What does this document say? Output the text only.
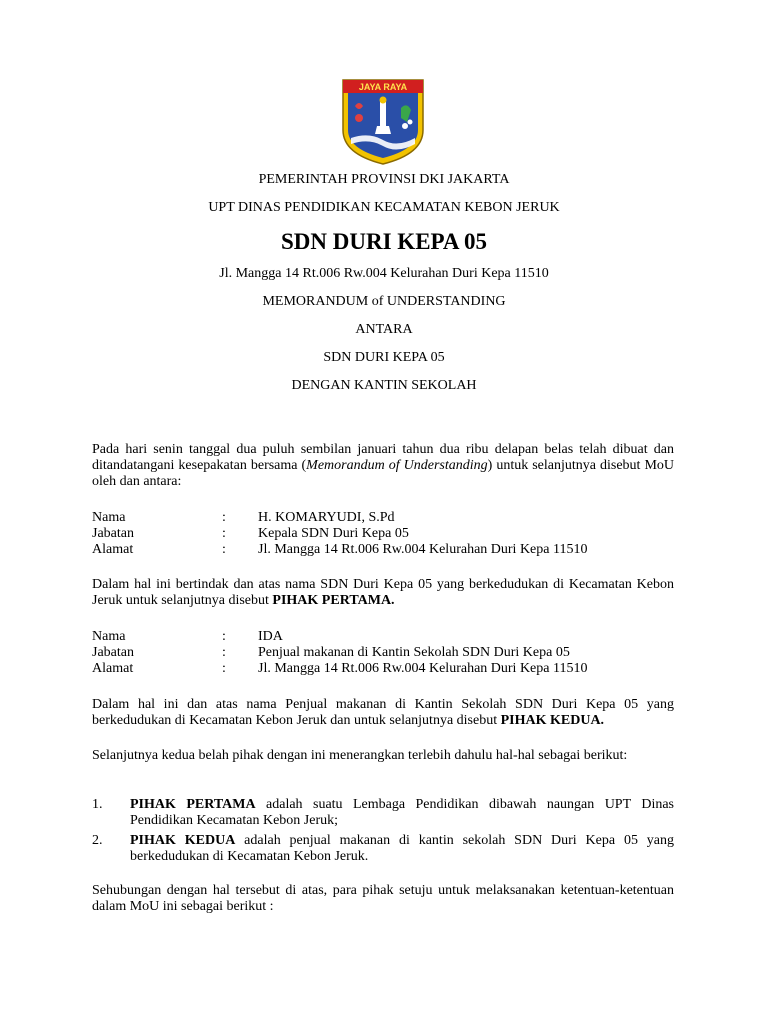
JAYA RAYA
PEMERINTAH PROVINSI DKI JAKARTA
UPT DINAS PENDIDIKAN KECAMATAN KEBON JERUK
SDN DURI KEPA 05
Jl. Mangga 14 Rt.006 Rw.004 Kelurahan Duri Kepa 11510
MEMORANDUM of UNDERSTANDING
ANTARA
SDN DURI KEPA 05
DENGAN KANTIN SEKOLAH
Pada hari senin tanggal dua puluh sembilan januari tahun dua ribu delapan belas telah dibuat dan ditandatangani kesepakatan bersama (Memorandum of Understanding) untuk selanjutnya disebut MoU oleh dan antara:
Nama	: H. KOMARYUDI, S.Pd
Jabatan	: Kepala SDN Duri Kepa 05
Alamat	: Jl. Mangga 14 Rt.006 Rw.004 Kelurahan Duri Kepa 11510
Dalam hal ini bertindak dan atas nama SDN Duri Kepa 05 yang berkedudukan di Kecamatan Kebon Jeruk untuk selanjutnya disebut PIHAK PERTAMA.
Nama	: IDA
Jabatan	: Penjual makanan di Kantin Sekolah SDN Duri Kepa 05
Alamat	: Jl. Mangga 14 Rt.006 Rw.004 Kelurahan Duri Kepa 11510
Dalam hal ini dan atas nama Penjual makanan di Kantin Sekolah SDN Duri Kepa 05 yang berkedudukan di Kecamatan Kebon Jeruk dan untuk selanjutnya disebut PIHAK KEDUA.
Selanjutnya kedua belah pihak dengan ini menerangkan terlebih dahulu hal-hal sebagai berikut:
1. PIHAK PERTAMA adalah suatu Lembaga Pendidikan dibawah naungan UPT Dinas Pendidikan Kecamatan Kebon Jeruk;
2. PIHAK KEDUA adalah penjual makanan di kantin sekolah SDN Duri Kepa 05 yang berkedudukan di Kecamatan Kebon Jeruk.
Sehubungan dengan hal tersebut di atas, para pihak setuju untuk melaksanakan ketentuan-ketentuan dalam MoU ini sebagai berikut :
